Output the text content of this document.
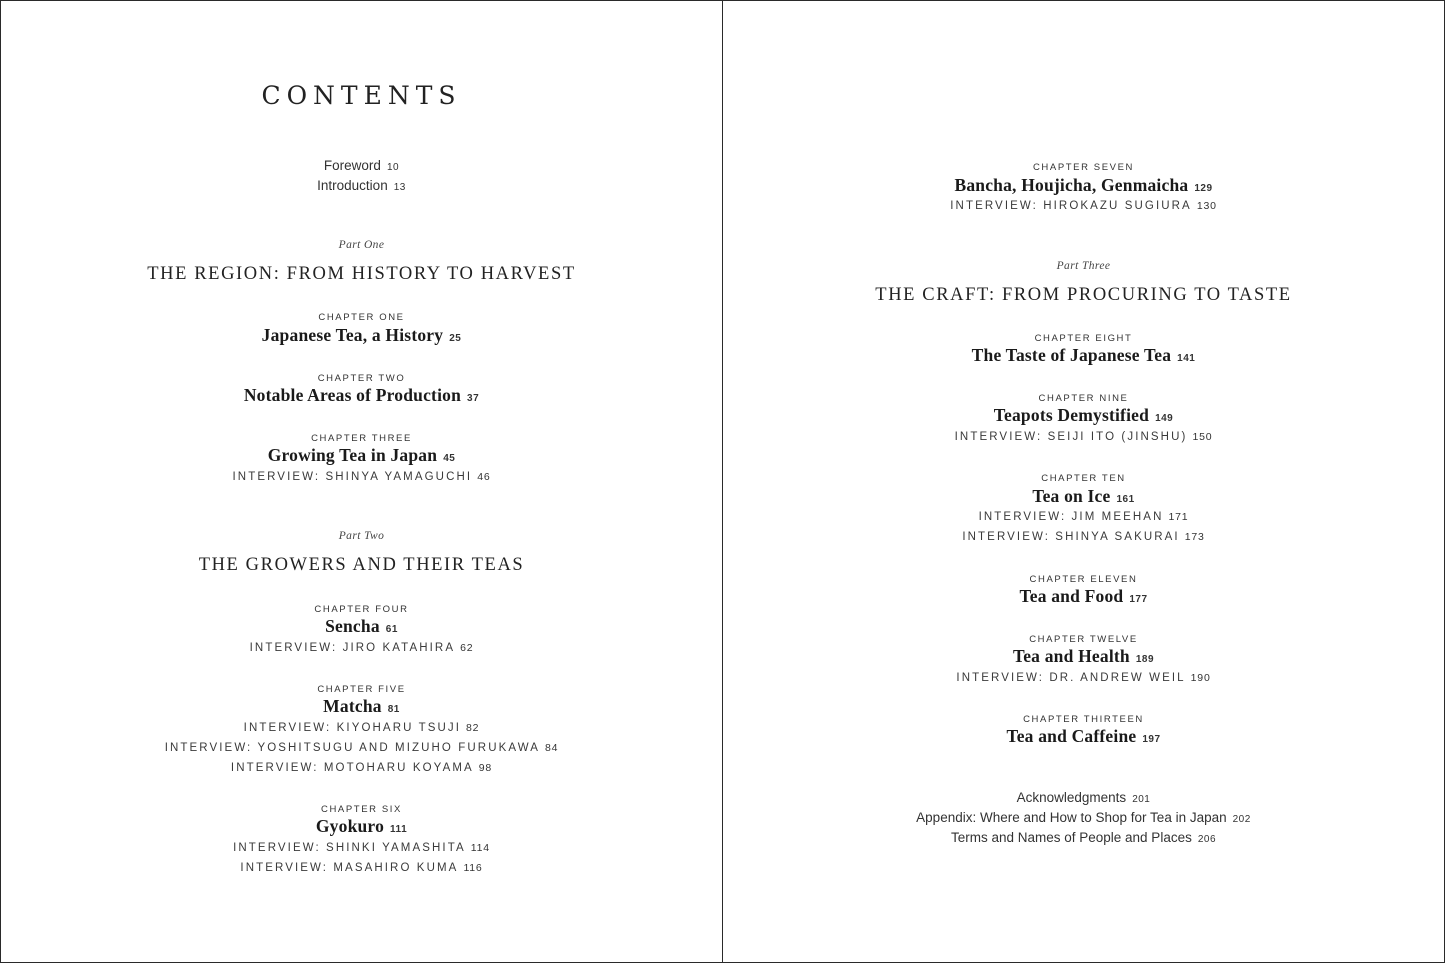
CONTENTS
Foreword 10
Introduction 13
Part One
THE REGION: FROM HISTORY TO HARVEST
CHAPTER ONE
Japanese Tea, a History 25
CHAPTER TWO
Notable Areas of Production 37
CHAPTER THREE
Growing Tea in Japan 45
INTERVIEW: SHINYA YAMAGUCHI 46
Part Two
THE GROWERS AND THEIR TEAS
CHAPTER FOUR
Sencha 61
INTERVIEW: JIRO KATAHIRA 62
CHAPTER FIVE
Matcha 81
INTERVIEW: KIYOHARU TSUJI 82
INTERVIEW: YOSHITSUGU AND MIZUHO FURUKAWA 84
INTERVIEW: MOTOHARU KOYAMA 98
CHAPTER SIX
Gyokuro 111
INTERVIEW: SHINKI YAMASHITA 114
INTERVIEW: MASAHIRO KUMA 116
CHAPTER SEVEN
Bancha, Houjicha, Genmaicha 129
INTERVIEW: HIROKAZU SUGIURA 130
Part Three
THE CRAFT: FROM PROCURING TO TASTE
CHAPTER EIGHT
The Taste of Japanese Tea 141
CHAPTER NINE
Teapots Demystified 149
INTERVIEW: SEIJI ITO (JINSHU) 150
CHAPTER TEN
Tea on Ice 161
INTERVIEW: JIM MEEHAN 171
INTERVIEW: SHINYA SAKURAI 173
CHAPTER ELEVEN
Tea and Food 177
CHAPTER TWELVE
Tea and Health 189
INTERVIEW: DR. ANDREW WEIL 190
CHAPTER THIRTEEN
Tea and Caffeine 197
Acknowledgments 201
Appendix: Where and How to Shop for Tea in Japan 202
Terms and Names of People and Places 206
